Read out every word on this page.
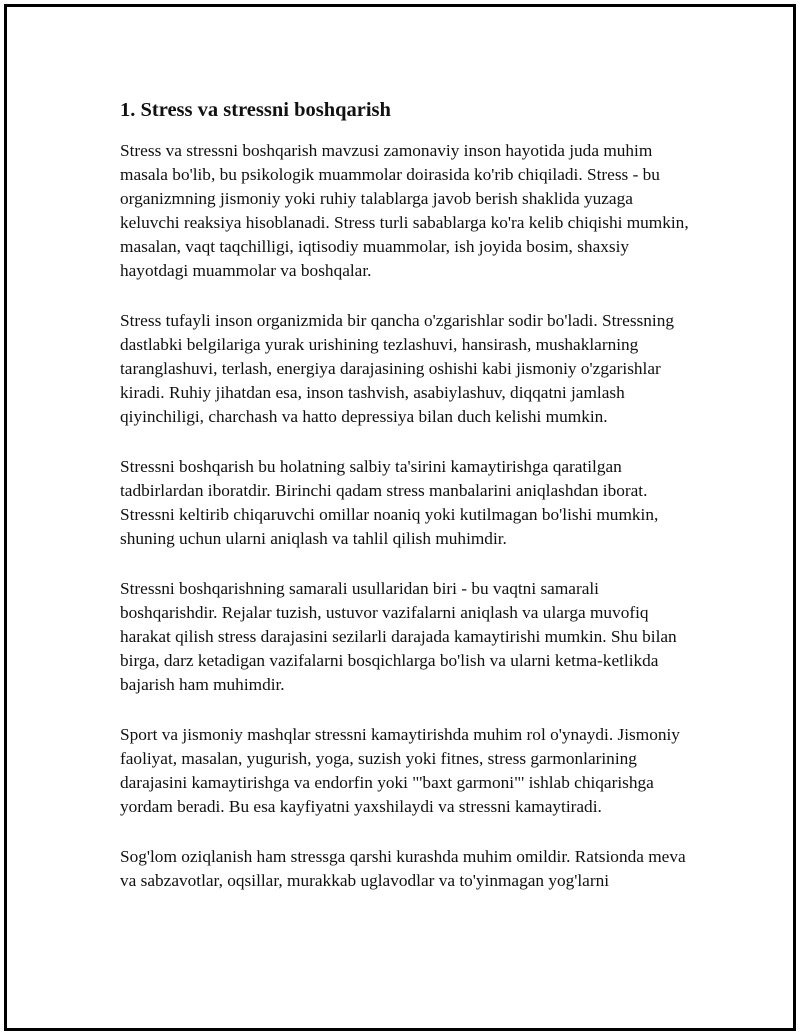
1. Stress va stressni boshqarish

Stress va stressni boshqarish mavzusi zamonaviy inson hayotida juda muhim masala bo'lib, bu psikologik muammolar doirasida ko'rib chiqiladi. Stress - bu organizmning jismoniy yoki ruhiy talablarga javob berish shaklida yuzaga keluvchi reaksiya hisoblanadi. Stress turli sabablarga ko'ra kelib chiqishi mumkin, masalan, vaqt taqchilligi, iqtisodiy muammolar, ish joyida bosim, shaxsiy hayotdagi muammolar va boshqalar.

Stress tufayli inson organizmida bir qancha o'zgarishlar sodir bo'ladi. Stressning dastlabki belgilariga yurak urishining tezlashuvi, hansirash, mushaklarning taranglashuvi, terlash, energiya darajasining oshishi kabi jismoniy o'zgarishlar kiradi. Ruhiy jihatdan esa, inson tashvish, asabiylashuv, diqqatni jamlash qiyinchiligi, charchash va hatto depressiya bilan duch kelishi mumkin.

Stressni boshqarish bu holatning salbiy ta'sirini kamaytirishga qaratilgan tadbirlardan iboratdir. Birinchi qadam stress manbalarini aniqlashdan iborat. Stressni keltirib chiqaruvchi omillar noaniq yoki kutilmagan bo'lishi mumkin, shuning uchun ularni aniqlash va tahlil qilish muhimdir.

Stressni boshqarishning samarali usullaridan biri - bu vaqtni samarali boshqarishdir. Rejalar tuzish, ustuvor vazifalarni aniqlash va ularga muvofiq harakat qilish stress darajasini sezilarli darajada kamaytirishi mumkin. Shu bilan birga, darz ketadigan vazifalarni bosqichlarga bo'lish va ularni ketma-ketlikda bajarish ham muhimdir.

Sport va jismoniy mashqlar stressni kamaytirishda muhim rol o'ynaydi. Jismoniy faoliyat, masalan, yugurish, yoga, suzish yoki fitnes, stress garmonlarining darajasini kamaytirishga va endorfin yoki "'baxt garmoni"' ishlab chiqarishga yordam beradi. Bu esa kayfiyatni yaxshilaydi va stressni kamaytiradi.

Sog'lom oziqlanish ham stressga qarshi kurashda muhim omildir. Ratsionda meva va sabzavotlar, oqsillar, murakkab uglavodlar va to'yinmagan yog'larni
